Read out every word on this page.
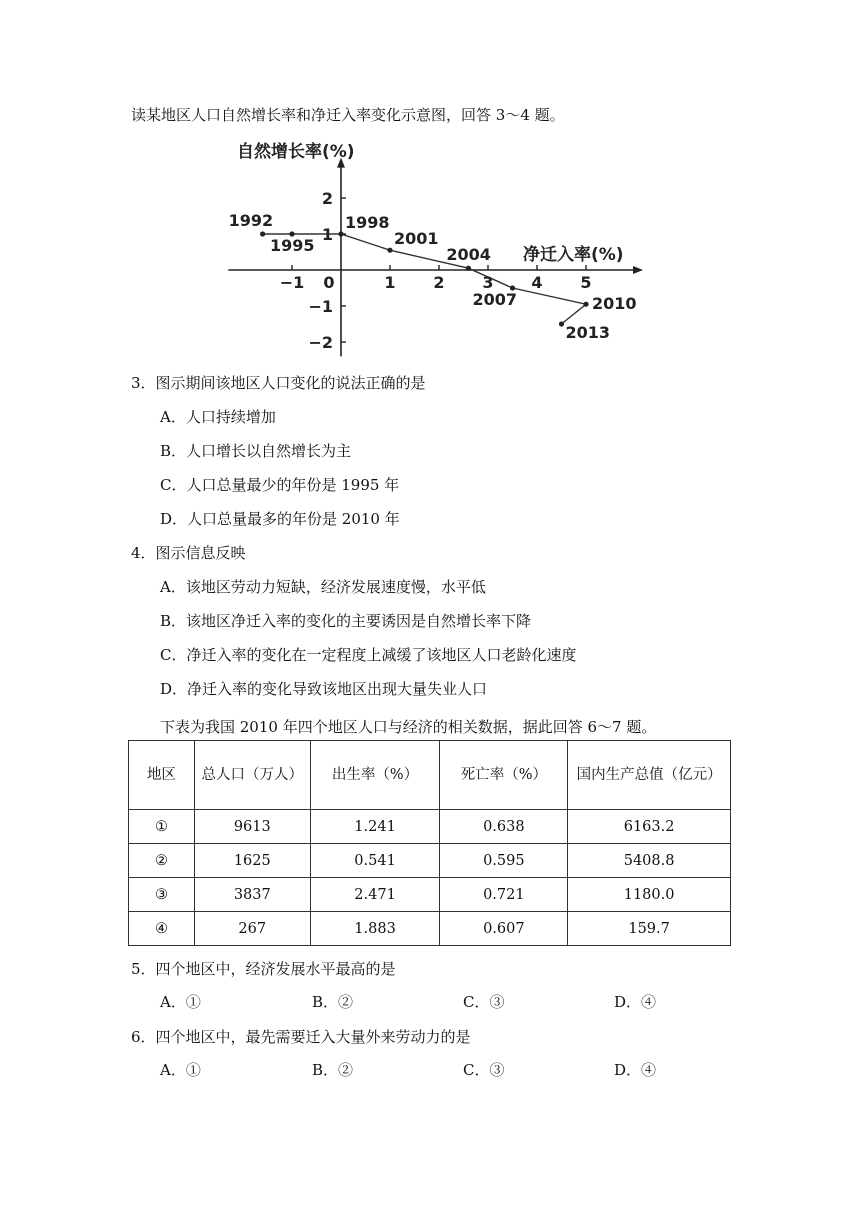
读某地区人口自然增长率和净迁入率变化示意图，回答 3～4 题。
−1 0	1 2 3 4 5
2
1
−1
−2
自然增长率(%)
净迁入率(%)
1992
1995
1998
2001
2004
2007	2010
2013
3．图示期间该地区人口变化的说法正确的是
A．人口持续增加
B．人口增长以自然增长为主
C．人口总量最少的年份是 1995 年
D．人口总量最多的年份是 2010 年
4．图示信息反映
A．该地区劳动力短缺，经济发展速度慢，水平低
B．该地区净迁入率的变化的主要诱因是自然增长率下降
C．净迁入率的变化在一定程度上减缓了该地区人口老龄化速度
D．净迁入率的变化导致该地区出现大量失业人口
下表为我国 2010 年四个地区人口与经济的相关数据，据此回答 6～7 题。
地区	总人口（万人）	出生率（%）	死亡率（%）	国内生产总值（亿元）
①	9613	1.241	0.638	6163.2
②	1625	0.541	0.595	5408.8
③	3837	2.471	0.721	1180.0
④	267	1.883	0.607	159.7
5．四个地区中，经济发展水平最高的是
A．①	B．②	C．③	D．④
6．四个地区中，最先需要迁入大量外来劳动力的是
A．①	B．②	C．③	D．④
